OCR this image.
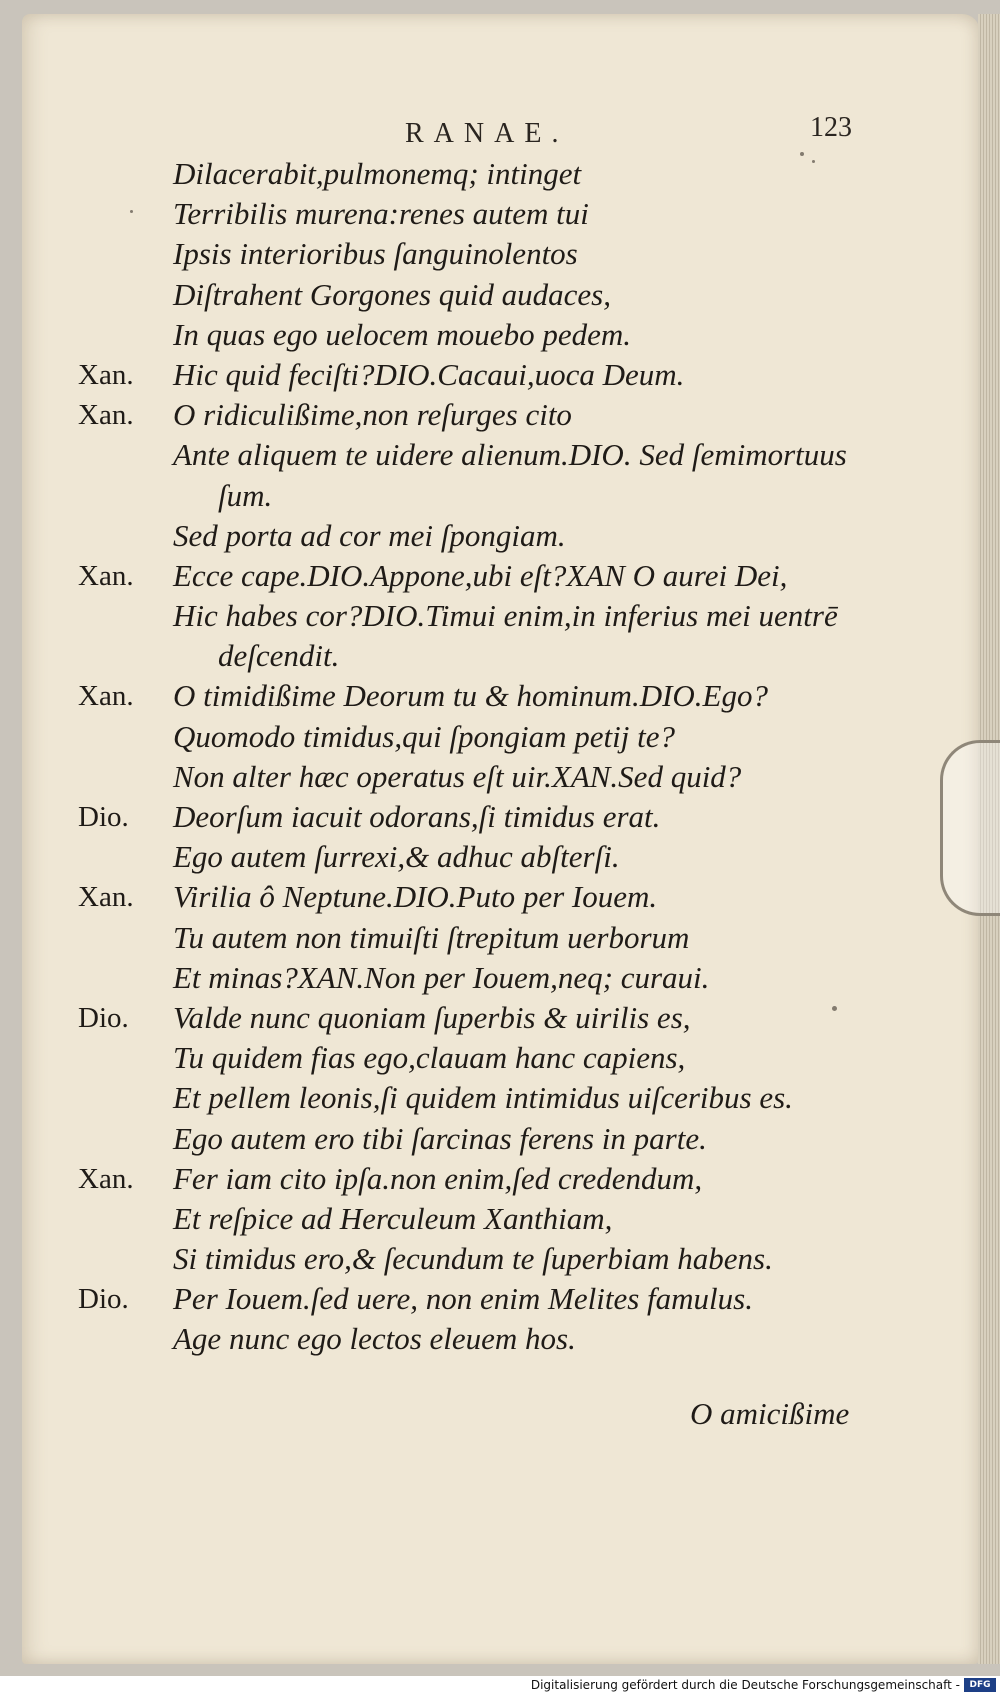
RANAE.	123
Dilacerabit,pulmonemq; intinget
Terribilis murena:renes autem tui
Ipsis interioribus ſanguinolentos
Diſtrahent Gorgones quid audaces,
In quas ego uelocem mouebo pedem.
Xan. Hic quid feciſti?DIO.Cacaui,uoca Deum.
Xan. O ridiculißime,non reſurges cito
Ante aliquem te uidere alienum.DIO. Sed ſemimortuus
ſum.
Sed porta ad cor mei ſpongiam.
Xan. Ecce cape.DIO.Appone,ubi eſt?XAN O aurei Dei,
Hic habes cor?DIO.Timui enim,in inferius mei uentrē
deſcendit.
Xan. O timidißime Deorum tu & hominum.DIO.Ego?
Quomodo timidus,qui ſpongiam petij te?
Non alter hæc operatus eſt uir.XAN.Sed quid?
Dio. Deorſum iacuit odorans,ſi timidus erat.
Ego autem ſurrexi,& adhuc abſterſi.
Xan. Virilia ô Neptune.DIO.Puto per Iouem.
Tu autem non timuiſti ſtrepitum uerborum
Et minas?XAN.Non per Iouem,neq; curaui.
Dio. Valde nunc quoniam ſuperbis & uirilis es,
Tu quidem fias ego,clauam hanc capiens,
Et pellem leonis,ſi quidem intimidus uiſceribus es.
Ego autem ero tibi ſarcinas ferens in parte.
Xan. Fer iam cito ipſa.non enim,ſed credendum,
Et reſpice ad Herculeum Xanthiam,
Si timidus ero,& ſecundum te ſuperbiam habens.
Dio. Per Iouem.ſed uere, non enim Melites famulus.
Age nunc ego lectos eleuem hos.
O amicißime
Digitalisierung gefördert durch die Deutsche Forschungsgemeinschaft -	DFG
